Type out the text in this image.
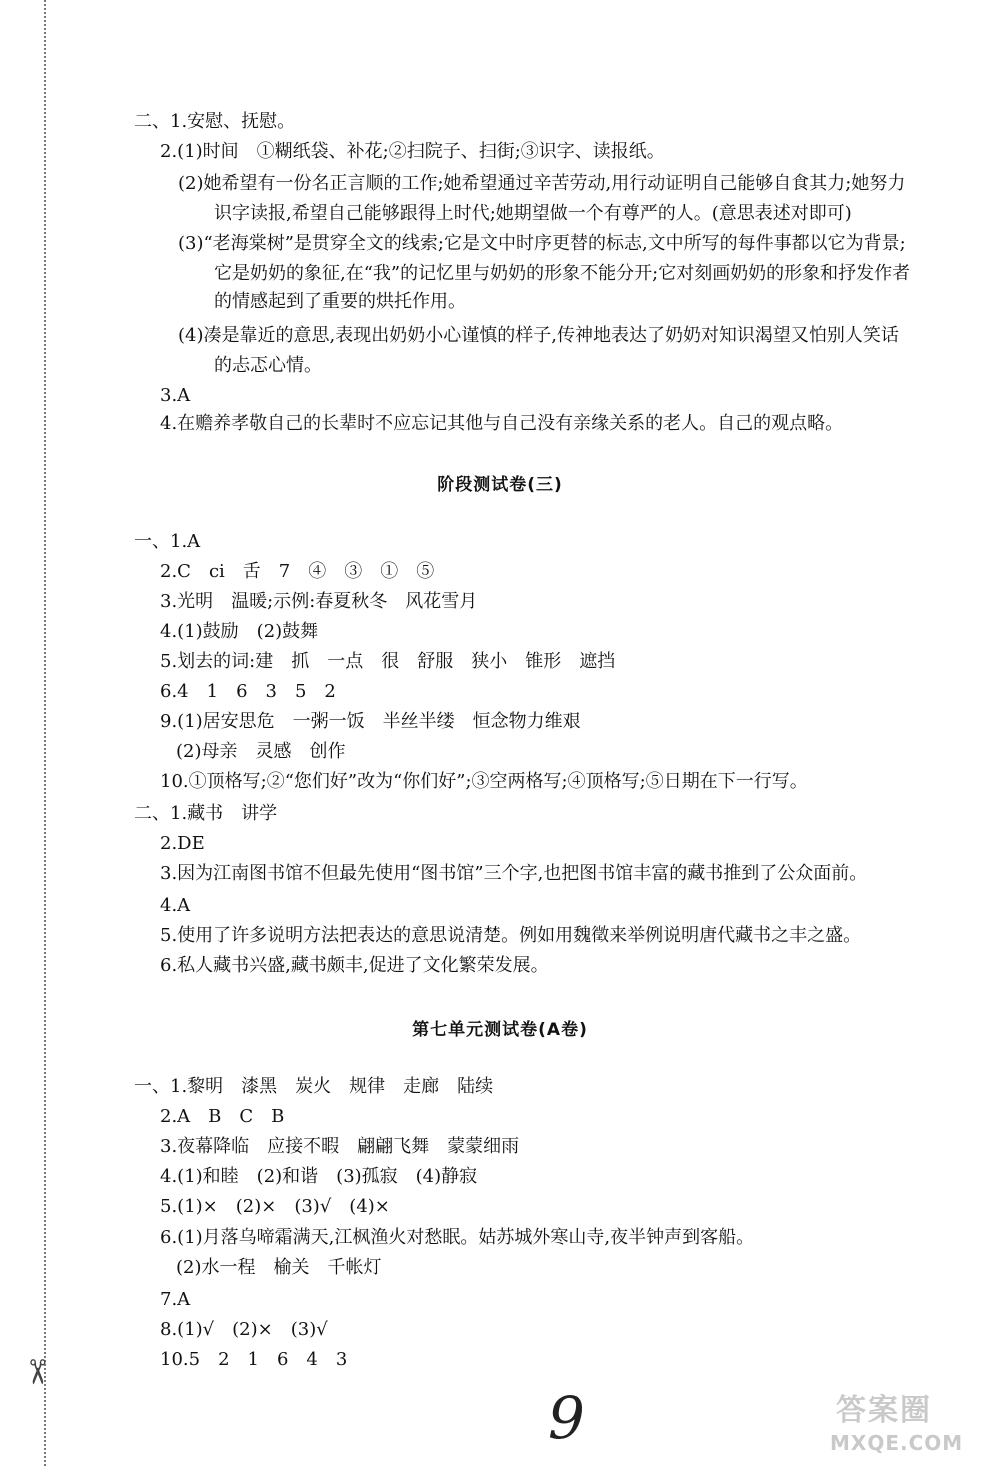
✂
二、1.安慰、抚慰。
2.(1)时间　①糊纸袋、补花;②扫院子、扫街;③识字、读报纸。
(2)她希望有一份名正言顺的工作;她希望通过辛苦劳动,用行动证明自己能够自食其力;她努力
识字读报,希望自己能够跟得上时代;她期望做一个有尊严的人。(意思表述对即可)
(3)“老海棠树”是贯穿全文的线索;它是文中时序更替的标志,文中所写的每件事都以它为背景;
它是奶奶的象征,在“我”的记忆里与奶奶的形象不能分开;它对刻画奶奶的形象和抒发作者
的情感起到了重要的烘托作用。
(4)凑是靠近的意思,表现出奶奶小心谨慎的样子,传神地表达了奶奶对知识渴望又怕别人笑话
的忐忑心情。
3.A
4.在赡养孝敬自己的长辈时不应忘记其他与自己没有亲缘关系的老人。自己的观点略。
阶段测试卷(三)
一、1.A
2.C　ci　舌　7　④　③　①　⑤
3.光明　温暖;示例:春夏秋冬　风花雪月
4.(1)鼓励　(2)鼓舞
5.划去的词:建　抓　一点　很　舒服　狭小　锥形　遮挡
6.4　1　6　3　5　2
9.(1)居安思危　一粥一饭　半丝半缕　恒念物力维艰
(2)母亲　灵感　创作
10.①顶格写;②“您们好”改为“你们好”;③空两格写;④顶格写;⑤日期在下一行写。
二、1.藏书　讲学
2.DE
3.因为江南图书馆不但最先使用“图书馆”三个字,也把图书馆丰富的藏书推到了公众面前。
4.A
5.使用了许多说明方法把表达的意思说清楚。例如用魏徵来举例说明唐代藏书之丰之盛。
6.私人藏书兴盛,藏书颇丰,促进了文化繁荣发展。
第七单元测试卷(A卷)
一、1.黎明　漆黑　炭火　规律　走廊　陆续
2.A　B　C　B
3.夜幕降临　应接不暇　翩翩飞舞　蒙蒙细雨
4.(1)和睦　(2)和谐　(3)孤寂　(4)静寂
5.(1)×　(2)×　(3)√　(4)×
6.(1)月落乌啼霜满天,江枫渔火对愁眠。姑苏城外寒山寺,夜半钟声到客船。
(2)水一程　榆关　千帐灯
7.A
8.(1)√　(2)×　(3)√
10.5　2　1　6　4　3
9	答案圈
MXQE.COM
